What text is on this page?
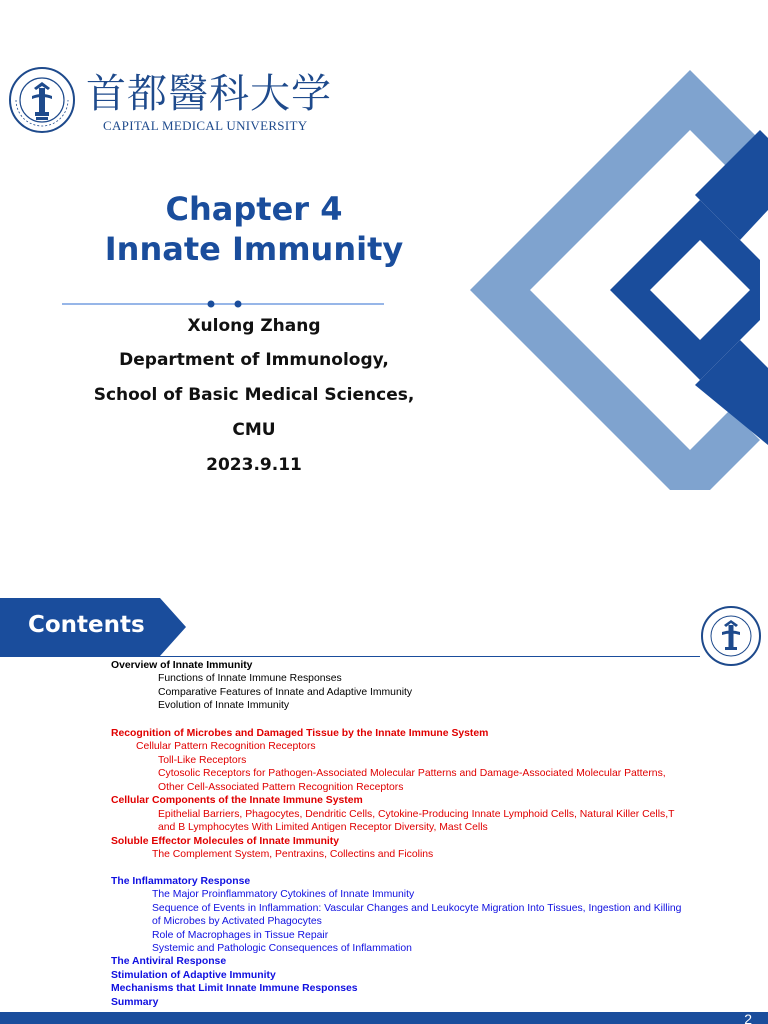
首都醫科大学
CAPITAL MEDICAL UNIVERSITY
Chapter 4
Innate Immunity
Xulong Zhang
Department of Immunology,
School of Basic Medical Sciences,
CMU
2023.9.11
Contents
Overview of Innate Immunity
Functions of Innate Immune Responses
Comparative Features of Innate and Adaptive Immunity
Evolution of Innate Immunity
Recognition of Microbes and Damaged Tissue by the Innate Immune System
Cellular Pattern Recognition Receptors
Toll-Like Receptors
Cytosolic Receptors for Pathogen-Associated Molecular Patterns and Damage-Associated Molecular Patterns,
Other Cell-Associated Pattern Recognition Receptors
Cellular Components of the Innate Immune System
Epithelial Barriers, Phagocytes, Dendritic Cells, Cytokine-Producing Innate Lymphoid Cells, Natural Killer Cells,T
and B Lymphocytes With Limited Antigen Receptor Diversity, Mast Cells
Soluble Effector Molecules of Innate Immunity
The Complement System, Pentraxins, Collectins and Ficolins
The Inflammatory Response
The Major Proinflammatory Cytokines of Innate Immunity
Sequence of Events in Inflammation: Vascular Changes and Leukocyte Migration Into Tissues, Ingestion and Killing
of Microbes by Activated Phagocytes
Role of Macrophages in Tissue Repair
Systemic and Pathologic Consequences of Inflammation
The Antiviral Response
Stimulation of Adaptive Immunity
Mechanisms that Limit Innate Immune Responses
Summary
2
